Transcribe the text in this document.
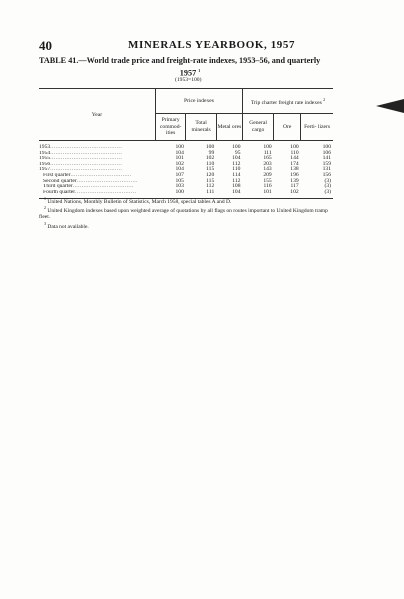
40	MINERALS YEARBOOK, 1957
TABLE 41.—World trade price and freight-rate indexes, 1953–56, and quarterly
1957 $^1$
(1953=100)
Year	Price indexes			Trip charter freight rate indexes $^2$
	Primary commod- ities	Total minerals	Metal ores	General cargo	Ore	Ferti- lizers
1953........................................	100	100	100	100	100	100
1954........................................	104	99	95	111	110	106
1955........................................	101	102	104	165	144	141
1956........................................	102	110	112	203	174	159
1957........................................	104	115	110	143	138	131
First quarter..................................	107	120	114	209	196	156
Second quarter..................................	105	115	112	155	139	(3)
Third quarter..................................	103	112	108	116	117	(3)
Fourth quarter..................................	100	111	104	101	102	(3)

$^1$ United Nations, Monthly Bulletin of Statistics, March 1958, special tables A and D.

$^2$ United Kingdom indexes based upon weighted average of quotations by all flags on routes important to United Kingdom tramp fleet.

$^3$ Data not available.
